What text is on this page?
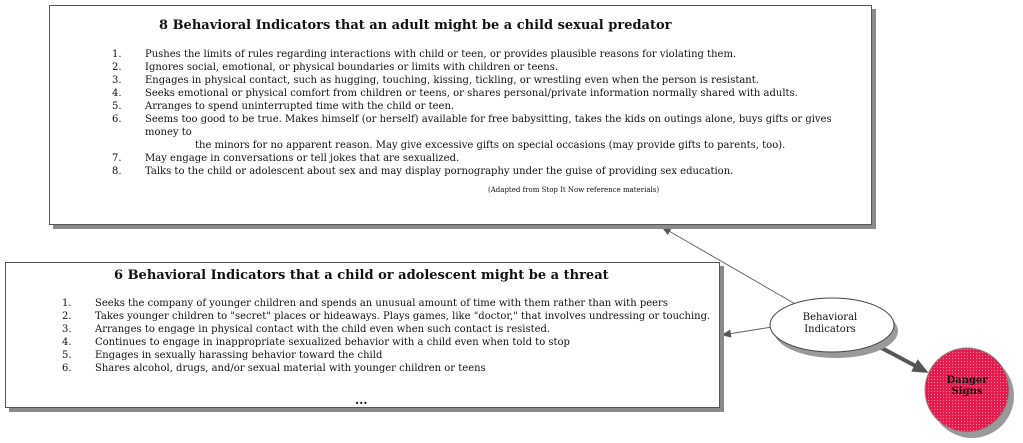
8 Behavioral Indicators that an adult might be a child sexual predator
1. Pushes the limits of rules regarding interactions with child or teen, or provides plausible reasons for violating them.
2. Ignores social, emotional, or physical boundaries or limits with children or teens.
3. Engages in physical contact, such as hugging, touching, kissing, tickling, or wrestling even when the person is resistant.
4. Seeks emotional or physical comfort from children or teens, or shares personal/private information normally shared with adults.
5. Arranges to spend uninterrupted time with the child or teen.
6. Seems too good to be true. Makes himself (or herself) available for free babysitting, takes the kids on outings alone, buys gifts or gives money to
the minors for no apparent reason. May give excessive gifts on special occasions (may provide gifts to parents, too).
7. May engage in conversations or tell jokes that are sexualized.
8. Talks to the child or adolescent about sex and may display pornography under the guise of providing sex education.
(Adapted from Stop It Now reference materials)
6 Behavioral Indicators that a child or adolescent might be a threat
1. Seeks the company of younger children and spends an unusual amount of time with them rather than with peers
2. Takes younger children to "secret" places or hideaways. Plays games, like "doctor," that involves undressing or touching.
3. Arranges to engage in physical contact with the child even when such contact is resisted.
4. Continues to engage in inappropriate sexualized behavior with a child even when told to stop
5. Engages in sexually harassing behavior toward the child
6. Shares alcohol, drugs, and/or sexual material with younger children or teens
...
Behavioral
Indicators
Danger
Signs
